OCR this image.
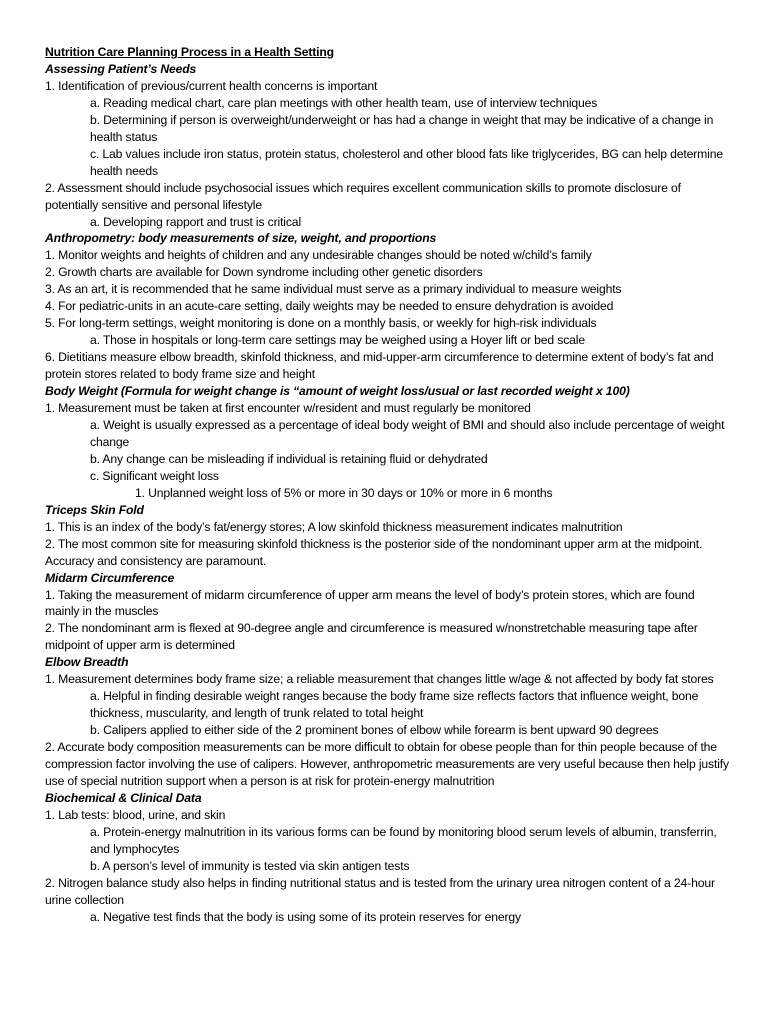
Nutrition Care Planning Process in a Health Setting

Assessing Patient’s Needs

1. Identification of previous/current health concerns is important

a. Reading medical chart, care plan meetings with other health team, use of interview techniques

b. Determining if person is overweight/underweight or has had a change in weight that may be indicative of a change in health status

c. Lab values include iron status, protein status, cholesterol and other blood fats like triglycerides, BG can help determine health needs

2. Assessment should include psychosocial issues which requires excellent communication skills to promote disclosure of potentially sensitive and personal lifestyle

a. Developing rapport and trust is critical

Anthropometry: body measurements of size, weight, and proportions

1. Monitor weights and heights of children and any undesirable changes should be noted w/child’s family

2. Growth charts are available for Down syndrome including other genetic disorders

3. As an art, it is recommended that he same individual must serve as a primary individual to measure weights

4. For pediatric-units in an acute-care setting, daily weights may be needed to ensure dehydration is avoided

5. For long-term settings, weight monitoring is done on a monthly basis, or weekly for high-risk individuals

a. Those in hospitals or long-term care settings may be weighed using a Hoyer lift or bed scale

6. Dietitians measure elbow breadth, skinfold thickness, and mid-upper-arm circumference to determine extent of body’s fat and protein stores related to body frame size and height

Body Weight (Formula for weight change is “amount of weight loss/usual or last recorded weight x 100)

1. Measurement must be taken at first encounter w/resident and must regularly be monitored

a. Weight is usually expressed as a percentage of ideal body weight of BMI and should also include percentage of weight change

b. Any change can be misleading if individual is retaining fluid or dehydrated

c. Significant weight loss

1. Unplanned weight loss of 5% or more in 30 days or 10% or more in 6 months

Triceps Skin Fold

1. This is an index of the body’s fat/energy stores; A low skinfold thickness measurement indicates malnutrition

2. The most common site for measuring skinfold thickness is the posterior side of the nondominant upper arm at the midpoint. Accuracy and consistency are paramount.

Midarm Circumference

1. Taking the measurement of midarm circumference of upper arm means the level of body’s protein stores, which are found mainly in the muscles

2. The nondominant arm is flexed at 90-degree angle and circumference is measured w/nonstretchable measuring tape after midpoint of upper arm is determined

Elbow Breadth

1. Measurement determines body frame size; a reliable measurement that changes little w/age & not affected by body fat stores

a. Helpful in finding desirable weight ranges because the body frame size reflects factors that influence weight, bone thickness, muscularity, and length of trunk related to total height

b. Calipers applied to either side of the 2 prominent bones of elbow while forearm is bent upward 90 degrees

2. Accurate body composition measurements can be more difficult to obtain for obese people than for thin people because of the compression factor involving the use of calipers. However, anthropometric measurements are very useful because then help justify use of special nutrition support when a person is at risk for protein-energy malnutrition

Biochemical & Clinical Data

1. Lab tests: blood, urine, and skin

a. Protein-energy malnutrition in its various forms can be found by monitoring blood serum levels of albumin, transferrin, and lymphocytes

b. A person’s level of immunity is tested via skin antigen tests

2. Nitrogen balance study also helps in finding nutritional status and is tested from the urinary urea nitrogen content of a 24-hour urine collection

a. Negative test finds that the body is using some of its protein reserves for energy
